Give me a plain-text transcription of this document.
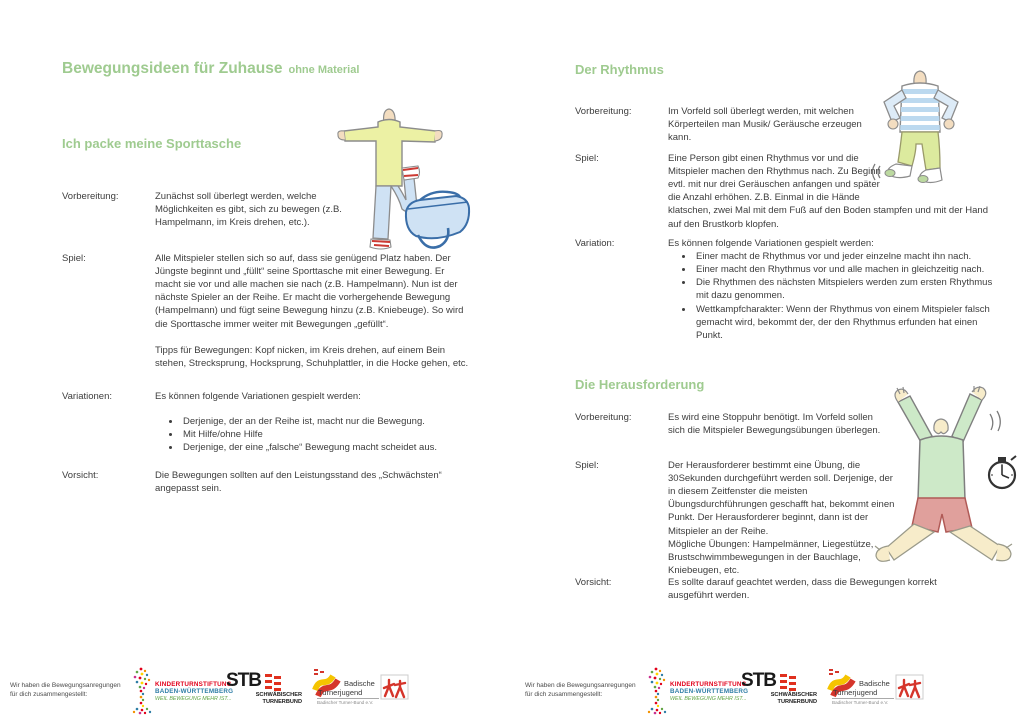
Bewegungsideen für Zuhause ohne Material
Ich packe meine Sporttasche
Vorbereitung:	Zunächst soll überlegt werden, welche Möglichkeiten es gibt, sich zu bewegen (z.B. Hampelmann, im Kreis drehen, etc.).
Spiel:	Alle Mitspieler stellen sich so auf, dass sie genügend Platz haben. Der Jüngste beginnt und „füllt“ seine Sporttasche mit einer Bewegung. Er macht sie vor und alle machen sie nach (z.B. Hampelmann). Nun ist der nächste Spieler an der Reihe. Er macht die vorhergehende Bewegung (Hampelmann) und fügt seine Bewegung hinzu (z.B. Kniebeuge). So wird die Sporttasche immer weiter mit Bewegungen „gefüllt“.
Tipps für Bewegungen: Kopf nicken, im Kreis drehen, auf einem Bein stehen, Strecksprung, Hocksprung, Schuhplattler, in die Hocke gehen, etc.
Variationen:	Es können folgende Variationen gespielt werden:
• Derjenige, der an der Reihe ist, macht nur die Bewegung.
• Mit Hilfe/ohne Hilfe
• Derjenige, der eine „falsche“ Bewegung macht scheidet aus.
Vorsicht:	Die Bewegungen sollten auf den Leistungsstand des „Schwächsten“ angepasst sein.
Wir haben die Bewegungsanregungen für dich zusammengestellt:
KINDERTURNSTIFTUNG
BADEN-WÜRTTEMBERG
WEIL BEWEGUNG MEHR IST...
STB
SCHWÄBISCHER
TURNERBUND
Badische
Turnerjugend
Badischer Turner-Bund e.V.
Der Rhythmus
Vorbereitung:	Im Vorfeld soll überlegt werden, mit welchen Körperteilen man Musik/ Geräusche erzeugen kann.
Spiel:	Eine Person gibt einen Rhythmus vor und die Mitspieler machen den Rhythmus nach. Zu Beginn evtl. mit nur drei Geräuschen anfangen und später die Anzahl erhöhen. Z.B. Einmal in die Hände klatschen, zwei Mal mit dem Fuß auf den Boden stampfen und mit der Hand auf den Brustkorb klopfen.
Variation:	Es können folgende Variationen gespielt werden:
• Einer macht de Rhythmus vor und jeder einzelne macht ihn nach.
• Einer macht den Rhythmus vor und alle machen in gleichzeitig nach.
• Die Rhythmen des nächsten Mitspielers werden zum ersten Rhythmus mit dazu genommen.
• Wettkampfcharakter: Wenn der Rhythmus von einem Mitspieler falsch gemacht wird, bekommt der, der den Rhythmus erfunden hat einen Punkt.
Die Herausforderung
Vorbereitung:	Es wird eine Stoppuhr benötigt. Im Vorfeld sollen sich die Mitspieler Bewegungsübungen überlegen.
Spiel:	Der Herausforderer bestimmt eine Übung, die 30Sekunden durchgeführt werden soll. Derjenige, der in diesem Zeitfenster die meisten Übungsdurchführungen geschafft hat, bekommt einen Punkt. Der Herausforderer beginnt, dann ist der Mitspieler an der Reihe.
Mögliche Übungen: Hampelmänner, Liegestütze, Brustschwimmbewegungen in der Bauchlage, Kniebeugen, etc.
Vorsicht:	Es sollte darauf geachtet werden, dass die Bewegungen korrekt ausgeführt werden.
Wir haben die Bewegungsanregungen für dich zusammengestellt:
KINDERTURNSTIFTUNG
BADEN-WÜRTTEMBERG
WEIL BEWEGUNG MEHR IST...
STB
SCHWÄBISCHER
TURNERBUND
Badische
Turnerjugend
Badischer Turner-Bund e.V.
